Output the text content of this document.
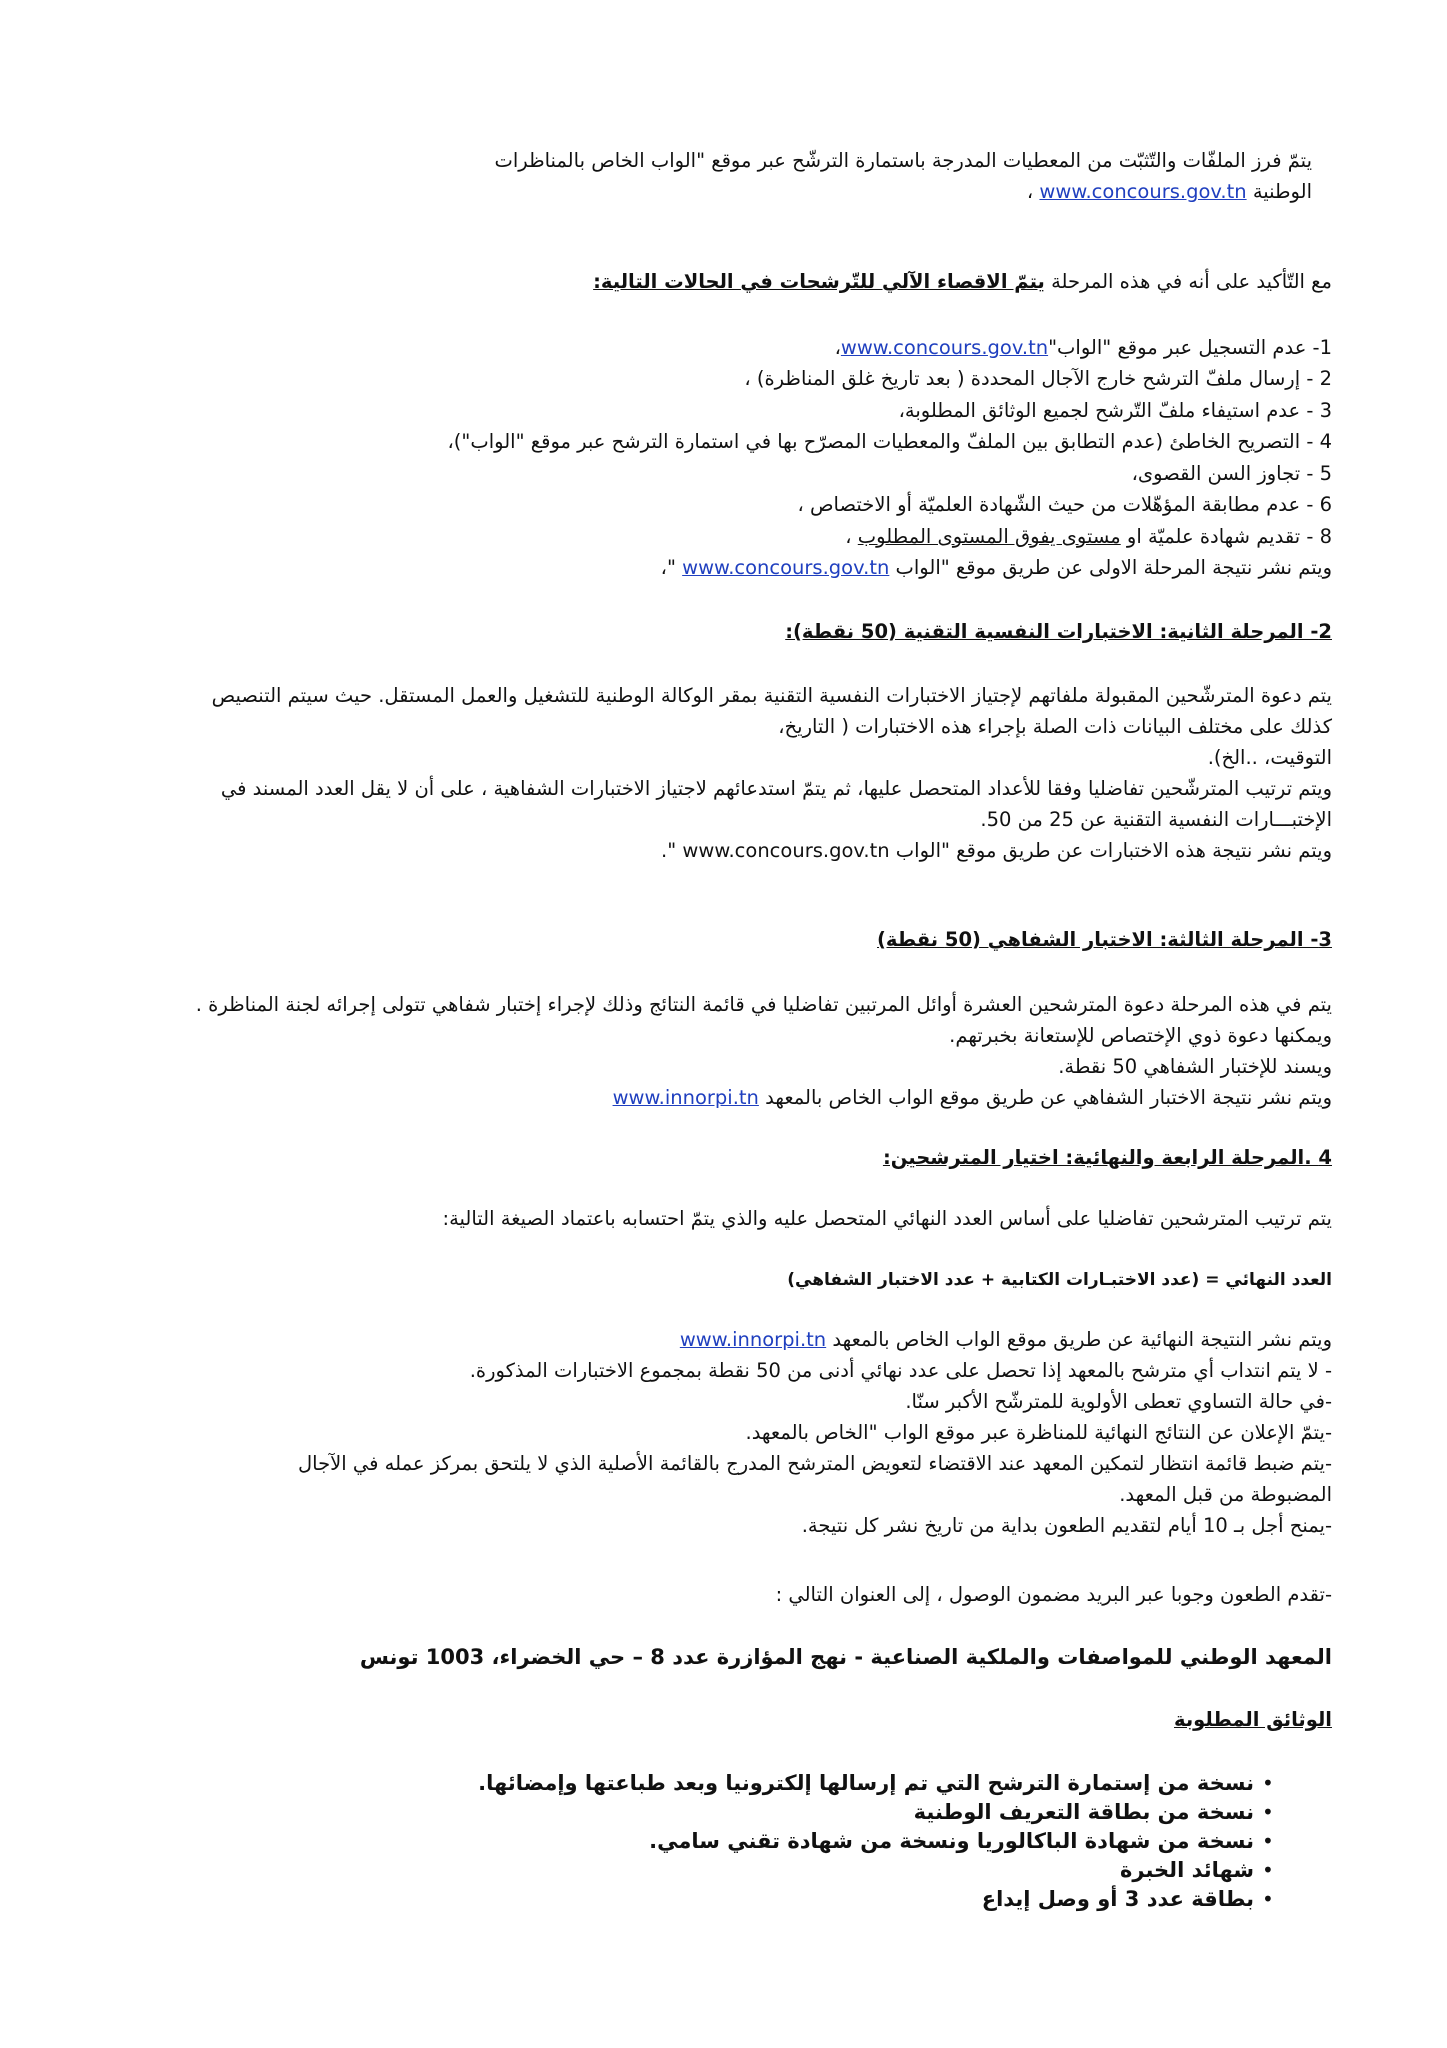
يتمّ فرز الملفّات والتّثبّت من المعطيات المدرجة باستمارة الترشّح عبر موقع "الواب الخاص بالمناظرات
الوطنية www.concours.gov.tn ،
مع التّأكيد على أنه في هذه المرحلة يتمّ الاقصاء الآلي للتّرشحات في الحالات التالية:
1- عدم التسجيل عبر موقع "الواب"www.concours.gov.tn،
2 - إرسال ملفّ الترشح خارج الآجال المحددة ( بعد تاريخ غلق المناظرة) ،
3 - عدم استيفاء ملفّ التّرشح لجميع الوثائق المطلوبة،
4 - التصريح الخاطئ (عدم التطابق بين الملفّ والمعطيات المصرّح بها في استمارة الترشح عبر موقع "الواب")،
5 - تجاوز السن القصوى،
6 - عدم مطابقة المؤهّلات من حيث الشّهادة العلميّة أو الاختصاص ،
8 - تقديم شهادة علميّة او مستوى يفوق المستوى المطلوب ،
ويتم نشر نتيجة المرحلة الاولى عن طريق موقع "الواب www.concours.gov.tn "،
2- المرحلة الثانية: الاختبارات النفسية التقنية (50 نقطة):
يتم دعوة المترشّحين المقبولة ملفاتهم لإجتياز الاختبارات النفسية التقنية بمقر الوكالة الوطنية للتشغيل والعمل المستقل. حيث سيتم التنصيص
كذلك على مختلف البيانات ذات الصلة بإجراء هذه الاختبارات ( التاريخ،
التوقيت، ..الخ).
ويتم ترتيب المترشّحين تفاضليا وفقا للأعداد المتحصل عليها، ثم يتمّ استدعائهم لاجتياز الاختبارات الشفاهية ، على أن لا يقل العدد المسند في
الإختبـــارات النفسية التقنية عن 25 من 50.
ويتم نشر نتيجة هذه الاختبارات عن طريق موقع "الواب www.concours.gov.tn ".
3- المرحلة الثالثة: الاختبار الشفاهي (50 نقطة)
يتم في هذه المرحلة دعوة المترشحين العشرة أوائل المرتبين تفاضليا في قائمة النتائج وذلك لإجراء إختبار شفاهي تتولى إجرائه لجنة المناظرة .
ويمكنها دعوة ذوي الإختصاص للإستعانة بخبرتهم.
ويسند للإختبار الشفاهي 50 نقطة.
ويتم نشر نتيجة الاختبار الشفاهي عن طريق موقع الواب الخاص بالمعهد www.innorpi.tn
4 .المرحلة الرابعة والنهائية: اختيار المترشحين:
يتم ترتيب المترشحين تفاضليا على أساس العدد النهائي المتحصل عليه والذي يتمّ احتسابه باعتماد الصيغة التالية:
العدد النهائي = (عدد الاختبـارات الكتابية + عدد الاختبار الشفاهي)
ويتم نشر النتيجة النهائية عن طريق موقع الواب الخاص بالمعهد www.innorpi.tn
- لا يتم انتداب أي مترشح بالمعهد إذا تحصل على عدد نهائي أدنى من 50 نقطة بمجموع الاختبارات المذكورة.
-في حالة التساوي تعطى الأولوية للمترشّح الأكبر سنّا.
-يتمّ الإعلان عن النتائج النهائية للمناظرة عبر موقع الواب "الخاص بالمعهد.
-يتم ضبط قائمة انتظار لتمكين المعهد عند الاقتضاء لتعويض المترشح المدرج بالقائمة الأصلية الذي لا يلتحق بمركز عمله في الآجال
المضبوطة من قبل المعهد.
-يمنح أجل بـ 10 أيام لتقديم الطعون بداية من تاريخ نشر كل نتيجة.
-تقدم الطعون وجوبا عبر البريد مضمون الوصول ، إلى العنوان التالي :
المعهد الوطني للمواصفات والملكية الصناعية - نهج المؤازرة عدد 8 – حي الخضراء، 1003 تونس
الوثائق المطلوبة
•
نسخة من إستمارة الترشح التي تم إرسالها إلكترونيا وبعد طباعتها وإمضائها.
•
نسخة من بطاقة التعريف الوطنية
•
نسخة من شهادة الباكالوريا ونسخة من شهادة تقني سامي.
•
شهائد الخبرة
•
بطاقة عدد 3 أو وصل إيداع
